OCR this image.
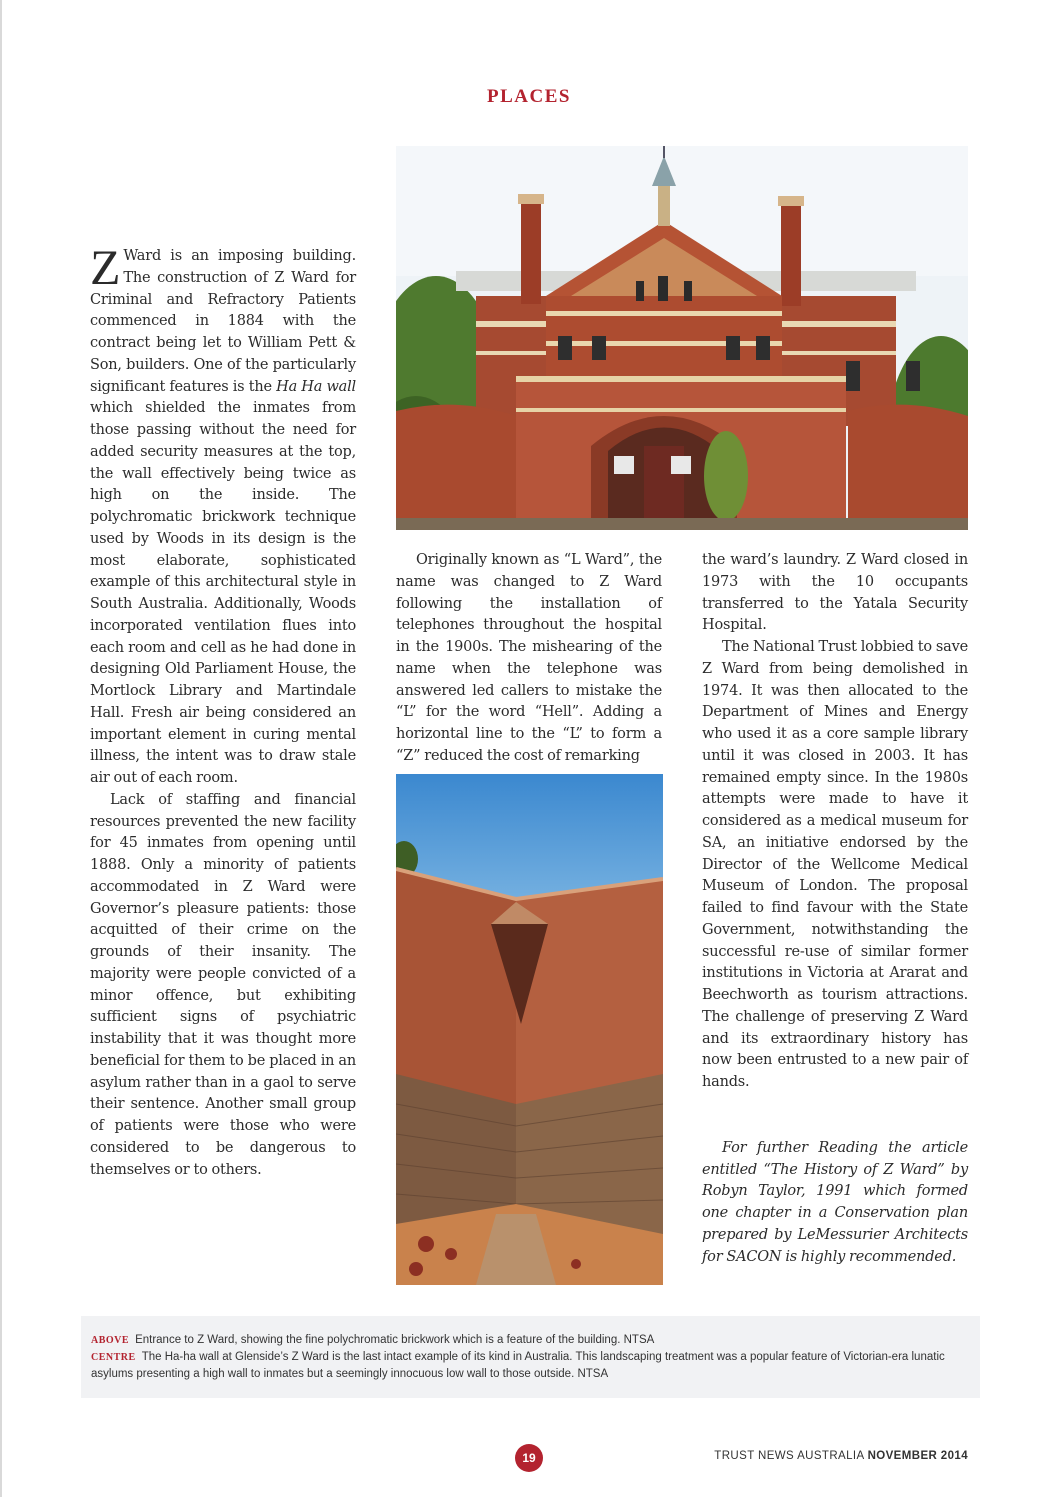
PLACES

Z Ward is an imposing building. The construction of Z Ward for Criminal and Refractory Patients commenced in 1884 with the contract being let to William Pett & Son, builders. One of the particularly significant features is the Ha Ha wall which shielded the inmates from those passing without the need for added security measures at the top, the wall effectively being twice as high on the inside. The polychromatic brickwork technique used by Woods in its design is the most elaborate, sophisticated example of this architectural style in South Australia. Additionally, Woods incorporated ventilation flues into each room and cell as he had done in designing Old Parliament House, the Mortlock Library and Martindale Hall. Fresh air being considered an important element in curing mental illness, the intent was to draw stale air out of each room.

Lack of staffing and financial resources prevented the new facility for 45 inmates from opening until 1888. Only a minority of patients accommodated in Z Ward were Governor’s pleasure patients: those acquitted of their crime on the grounds of their insanity. The majority were people convicted of a minor offence, but exhibiting sufficient signs of psychiatric instability that it was thought more beneficial for them to be placed in an asylum rather than in a gaol to serve their sentence. Another small group of patients were those who were considered to be dangerous to themselves or to others.

Originally known as “L Ward”, the name was changed to Z Ward following the installation of telephones throughout the hospital in the 1900s. The mishearing of the name when the telephone was answered led callers to mistake the “L” for the word “Hell”. Adding a horizontal line to the “L” to form a “Z” reduced the cost of remarking

the ward’s laundry. Z Ward closed in 1973 with the 10 occupants transferred to the Yatala Security Hospital.

The National Trust lobbied to save Z Ward from being demolished in 1974. It was then allocated to the Department of Mines and Energy who used it as a core sample library until it was closed in 2003. It has remained empty since. In the 1980s attempts were made to have it considered as a medical museum for SA, an initiative endorsed by the Director of the Wellcome Medical Museum of London. The proposal failed to find favour with the State Government, notwithstanding the successful re-use of similar former institutions in Victoria at Ararat and Beechworth as tourism attractions. The challenge of preserving Z Ward and its extraordinary history has now been entrusted to a new pair of hands.

For further Reading the article entitled “The History of Z Ward” by Robyn Taylor, 1991 which formed one chapter in a Conservation plan prepared by LeMessurier Architects for SACON is highly recommended.

ABOVE Entrance to Z Ward, showing the fine polychromatic brickwork which is a feature of the building. NTSA
CENTRE The Ha-ha wall at Glenside’s Z Ward is the last intact example of its kind in Australia. This landscaping treatment was a popular feature of Victorian-era lunatic asylums presenting a high wall to inmates but a seemingly innocuous low wall to those outside. NTSA
19	TRUST NEWS AUSTRALIA NOVEMBER 2014
